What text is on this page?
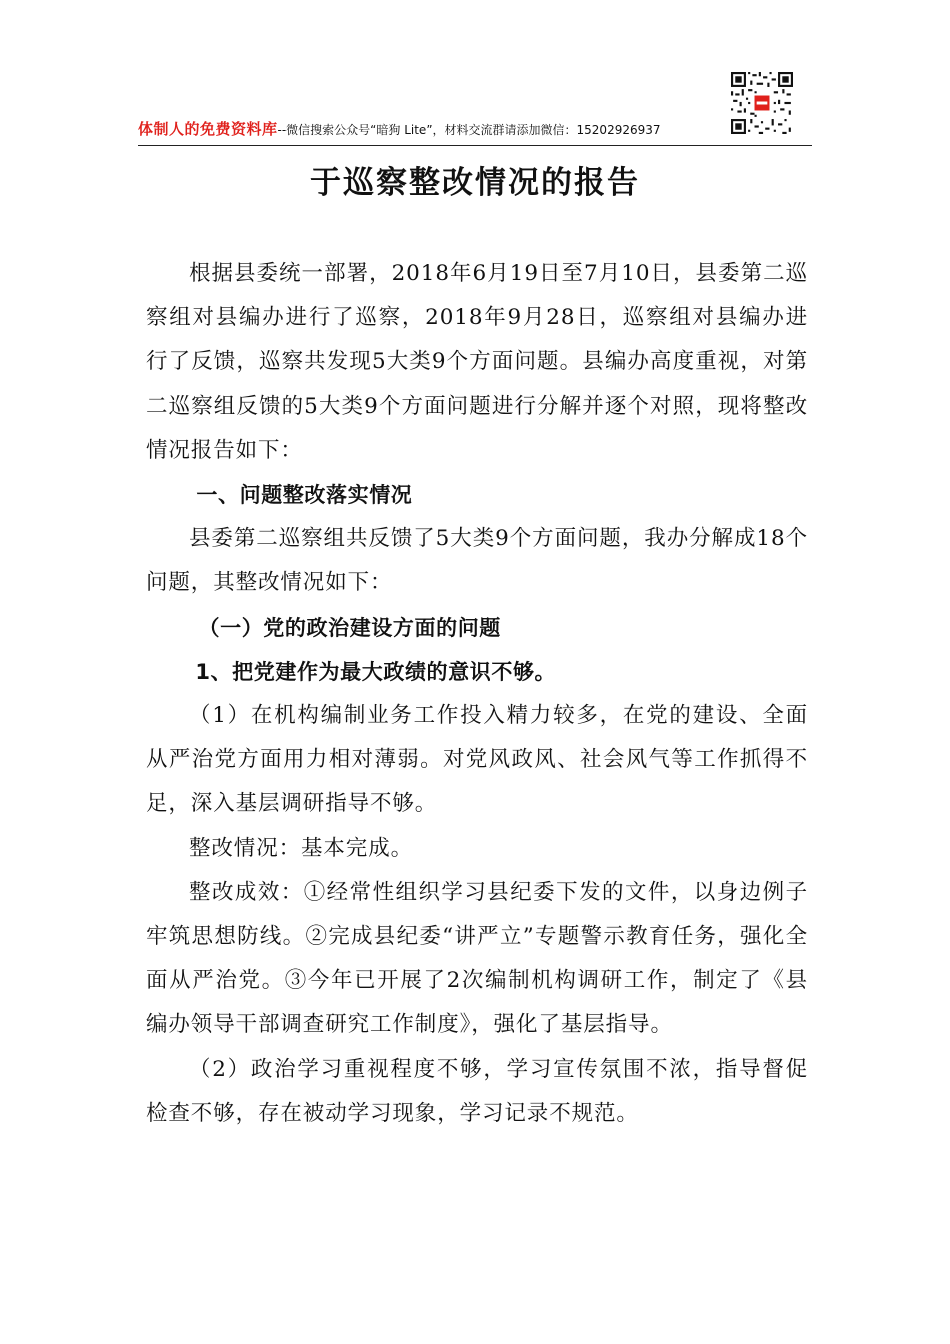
体制人的免费资料库--微信搜索公众号“暗狗 Lite”，材料交流群请添加微信：15202926937
于巡察整改情况的报告

根据县委统一部署，2018年6月19日至7月10日，县委第二巡察组对县编办进行了巡察，2018年9月28日，巡察组对县编办进行了反馈，巡察共发现5大类9个方面问题。县编办高度重视，对第二巡察组反馈的5大类9个方面问题进行分解并逐个对照，现将整改情况报告如下：

一、问题整改落实情况

县委第二巡察组共反馈了5大类9个方面问题，我办分解成18个问题，其整改情况如下：

（一）党的政治建设方面的问题

1、把党建作为最大政绩的意识不够。

（1）在机构编制业务工作投入精力较多，在党的建设、全面从严治党方面用力相对薄弱。对党风政风、社会风气等工作抓得不足，深入基层调研指导不够。

整改情况：基本完成。

整改成效：①经常性组织学习县纪委下发的文件，以身边例子牢筑思想防线。②完成县纪委“讲严立”专题警示教育任务，强化全面从严治党。③今年已开展了2次编制机构调研工作，制定了《县编办领导干部调查研究工作制度》，强化了基层指导。

（2）政治学习重视程度不够，学习宣传氛围不浓，指导督促检查不够，存在被动学习现象，学习记录不规范。
